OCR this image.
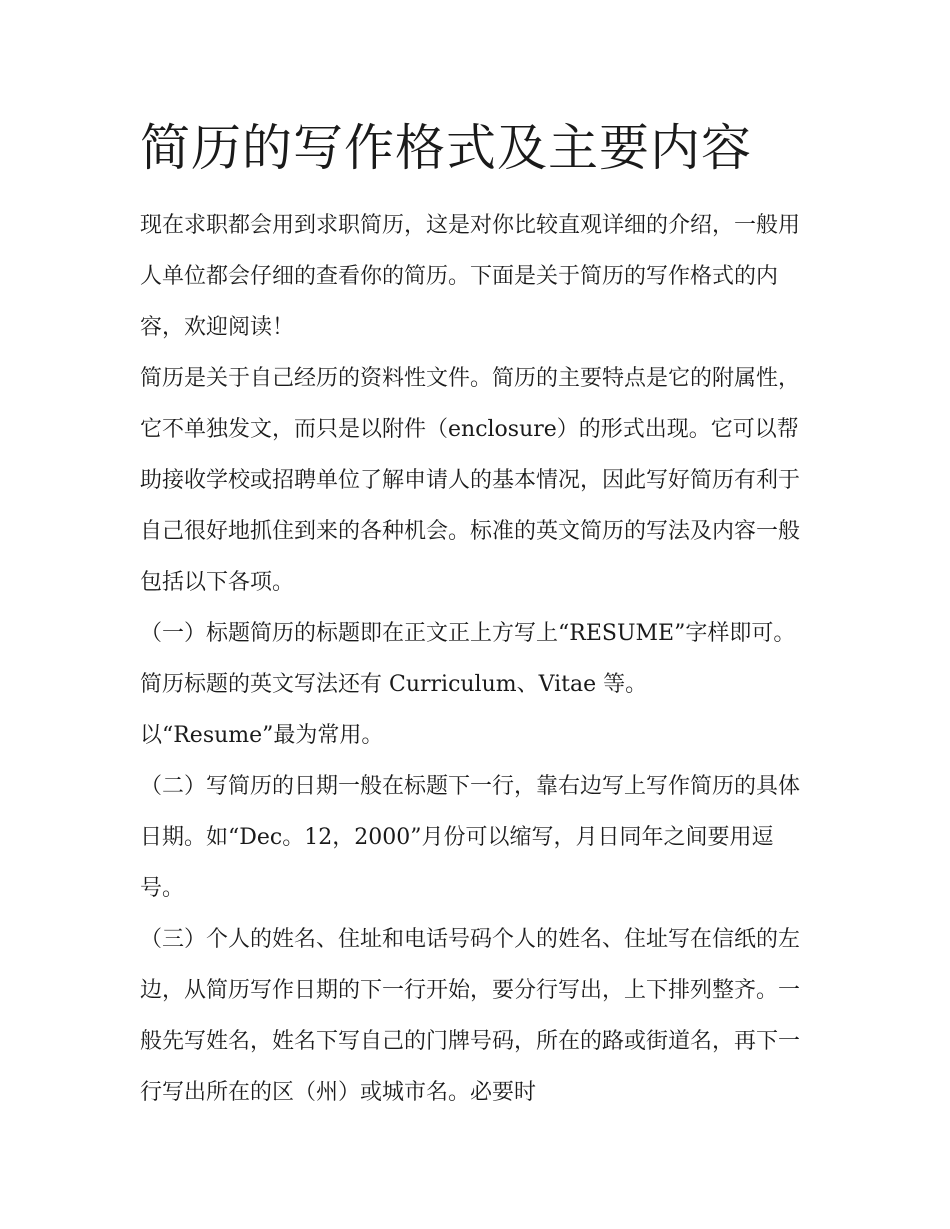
简历的写作格式及主要内容

现在求职都会用到求职简历，这是对你比较直观详细的介绍，一般用人单位都会仔细的查看你的简历。下面是关于简历的写作格式的内容，欢迎阅读！

简历是关于自己经历的资料性文件。简历的主要特点是它的附属性，它不单独发文，而只是以附件（enclosure）的形式出现。它可以帮助接收学校或招聘单位了解申请人的基本情况，因此写好简历有利于自己很好地抓住到来的各种机会。标准的英文简历的写法及内容一般包括以下各项。

（一）标题简历的标题即在正文正上方写上“RESUME”字样即可。简历标题的英文写法还有 Curriculum、Vitae 等。

以“Resume”最为常用。

（二）写简历的日期一般在标题下一行，靠右边写上写作简历的具体日期。如“Dec。12，2000”月份可以缩写，月日同年之间要用逗号。

（三）个人的姓名、住址和电话号码个人的姓名、住址写在信纸的左边，从简历写作日期的下一行开始，要分行写出，上下排列整齐。一般先写姓名，姓名下写自己的门牌号码，所在的路或街道名，再下一行写出所在的区（州）或城市名。必要时
